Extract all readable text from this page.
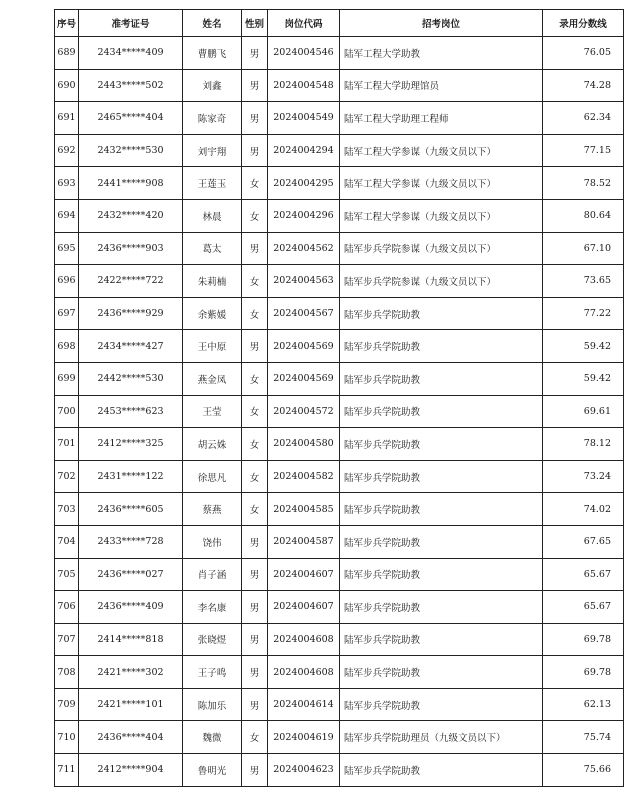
序号	准考证号	姓名	性别	岗位代码	招考岗位	录用分数线
689	2434*****409	曹鹏飞	男	2024004546	陆军工程大学助教	76.05
690	2443*****502	刘鑫	男	2024004548	陆军工程大学助理馆员	74.28
691	2465*****404	陈家奇	男	2024004549	陆军工程大学助理工程师	62.34
692	2432*****530	刘宇翔	男	2024004294	陆军工程大学参谋（九级文员以下）	77.15
693	2441*****908	王莲玉	女	2024004295	陆军工程大学参谋（九级文员以下）	78.52
694	2432*****420	林晨	女	2024004296	陆军工程大学参谋（九级文员以下）	80.64
695	2436*****903	葛太	男	2024004562	陆军步兵学院参谋（九级文员以下）	67.10
696	2422*****722	朱莉楠	女	2024004563	陆军步兵学院参谋（九级文员以下）	73.65
697	2436*****929	余紫媛	女	2024004567	陆军步兵学院助教	77.22
698	2434*****427	王中原	男	2024004569	陆军步兵学院助教	59.42
699	2442*****530	燕金凤	女	2024004569	陆军步兵学院助教	59.42
700	2453*****623	王莹	女	2024004572	陆军步兵学院助教	69.61
701	2412*****325	胡云姝	女	2024004580	陆军步兵学院助教	78.12
702	2431*****122	徐思凡	女	2024004582	陆军步兵学院助教	73.24
703	2436*****605	蔡燕	女	2024004585	陆军步兵学院助教	74.02
704	2433*****728	饶伟	男	2024004587	陆军步兵学院助教	67.65
705	2436*****027	肖子涵	男	2024004607	陆军步兵学院助教	65.67
706	2436*****409	李名康	男	2024004607	陆军步兵学院助教	65.67
707	2414*****818	张晓煜	男	2024004608	陆军步兵学院助教	69.78
708	2421*****302	王子鸣	男	2024004608	陆军步兵学院助教	69.78
709	2421*****101	陈加乐	男	2024004614	陆军步兵学院助教	62.13
710	2436*****404	魏微	女	2024004619	陆军步兵学院助理员（九级文员以下）	75.74
711	2412*****904	鲁明光	男	2024004623	陆军步兵学院助教	75.66
